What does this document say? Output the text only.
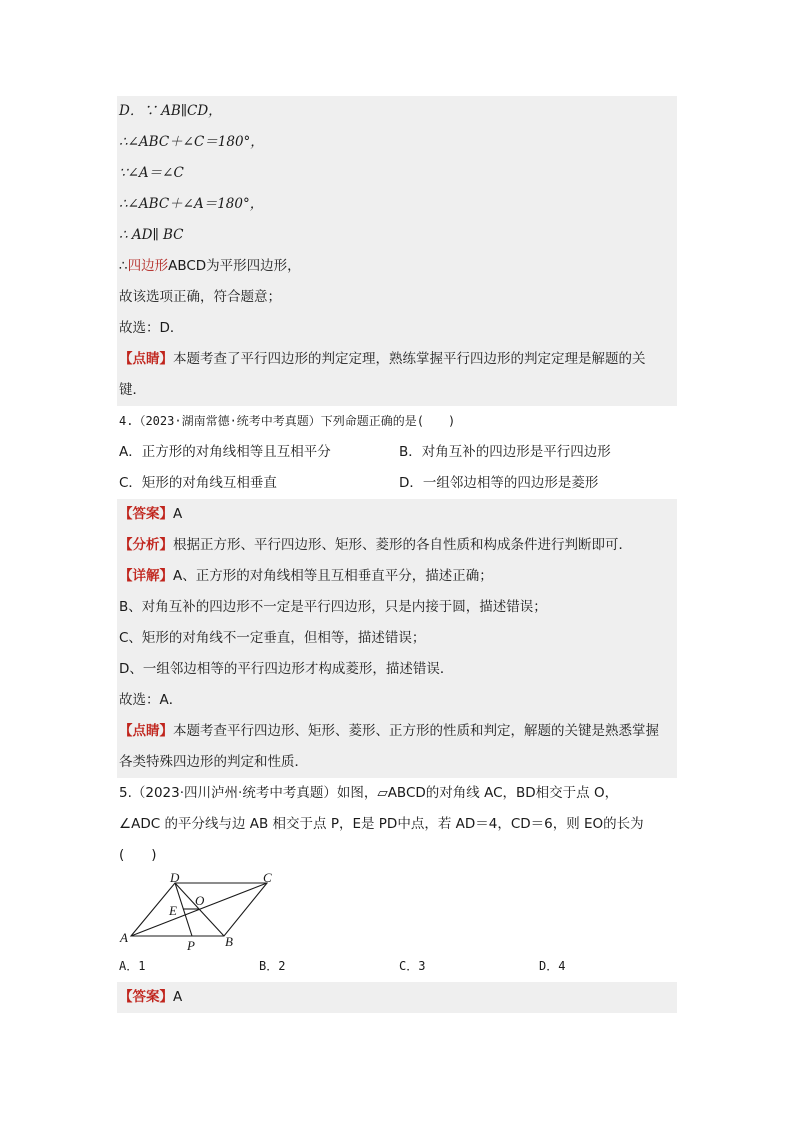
D．∵ AB∥CD，
∴∠ABC＋∠C＝180°，
∵∠A＝∠C
∴∠ABC＋∠A＝180°，
∴ AD∥ BC
∴四边形ABCD为平形四边形，
故该选项正确，符合题意；
故选：D．
【点睛】本题考查了平行四边形的判定定理，熟练掌握平行四边形的判定定理是解题的关
键．
4.（2023·湖南常德·统考中考真题）下列命题正确的是(　　)
A．正方形的对角线相等且互相平分	B．对角互补的四边形是平行四边形
C．矩形的对角线互相垂直	D．一组邻边相等的四边形是菱形
【答案】A
【分析】根据正方形、平行四边形、矩形、菱形的各自性质和构成条件进行判断即可．
【详解】A、正方形的对角线相等且互相垂直平分，描述正确；
B、对角互补的四边形不一定是平行四边形，只是内接于圆，描述错误；
C、矩形的对角线不一定垂直，但相等，描述错误；
D、一组邻边相等的平行四边形才构成菱形，描述错误．
故选：A．
【点睛】本题考查平行四边形、矩形、菱形、正方形的性质和判定，解题的关键是熟悉掌握
各类特殊四边形的判定和性质．
5.（2023·四川泸州·统考中考真题）如图，▱ABCD的对角线 AC，BD相交于点 O，
∠ADC 的平分线与边 AB 相交于点 P，E是 PD中点，若 AD＝4，CD＝6，则 EO的长为
(　　)
A	B
C
D
E
O
P
A．1	B．2	C．3	D．4
【答案】A
